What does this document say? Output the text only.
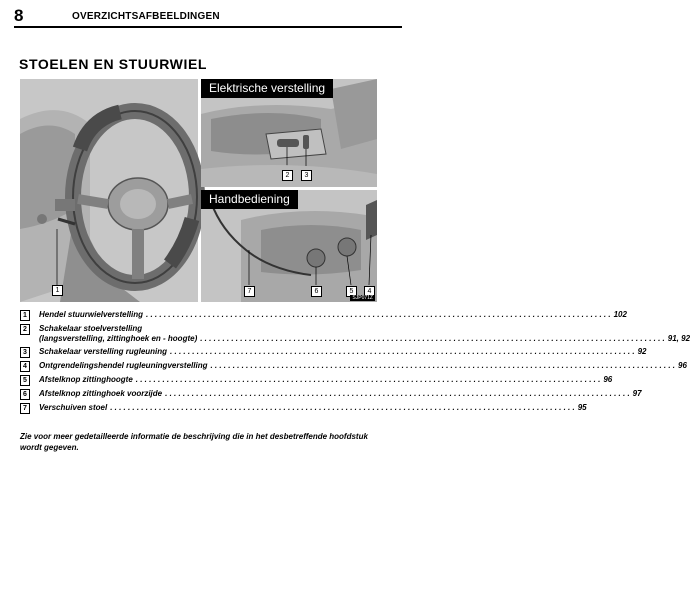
8	OVERZICHTSAFBEELDINGEN
STOELEN EN STUURWIEL
1
Elektrische verstelling
2	3
Handbediening
7	6	5	4
SJP071Z
1	Hendel stuurwielverstelling . . .	102
2	Schakelaar stoelverstelling
(langsverstelling, zittinghoek en - hoogte) . . .	91, 92
3	Schakelaar verstelling rugleuning . . .	92
4	Ontgrendelingshendel rugleuningverstelling . . .	96
5	Afstelknop zittinghoogte . . .	96
6	Afstelknop zittinghoek voorzijde . . .	97
7	Verschuiven stoel . . .	95
Zie voor meer gedetailleerde informatie de beschrijving die in het desbetreffende hoofdstuk wordt gegeven.
